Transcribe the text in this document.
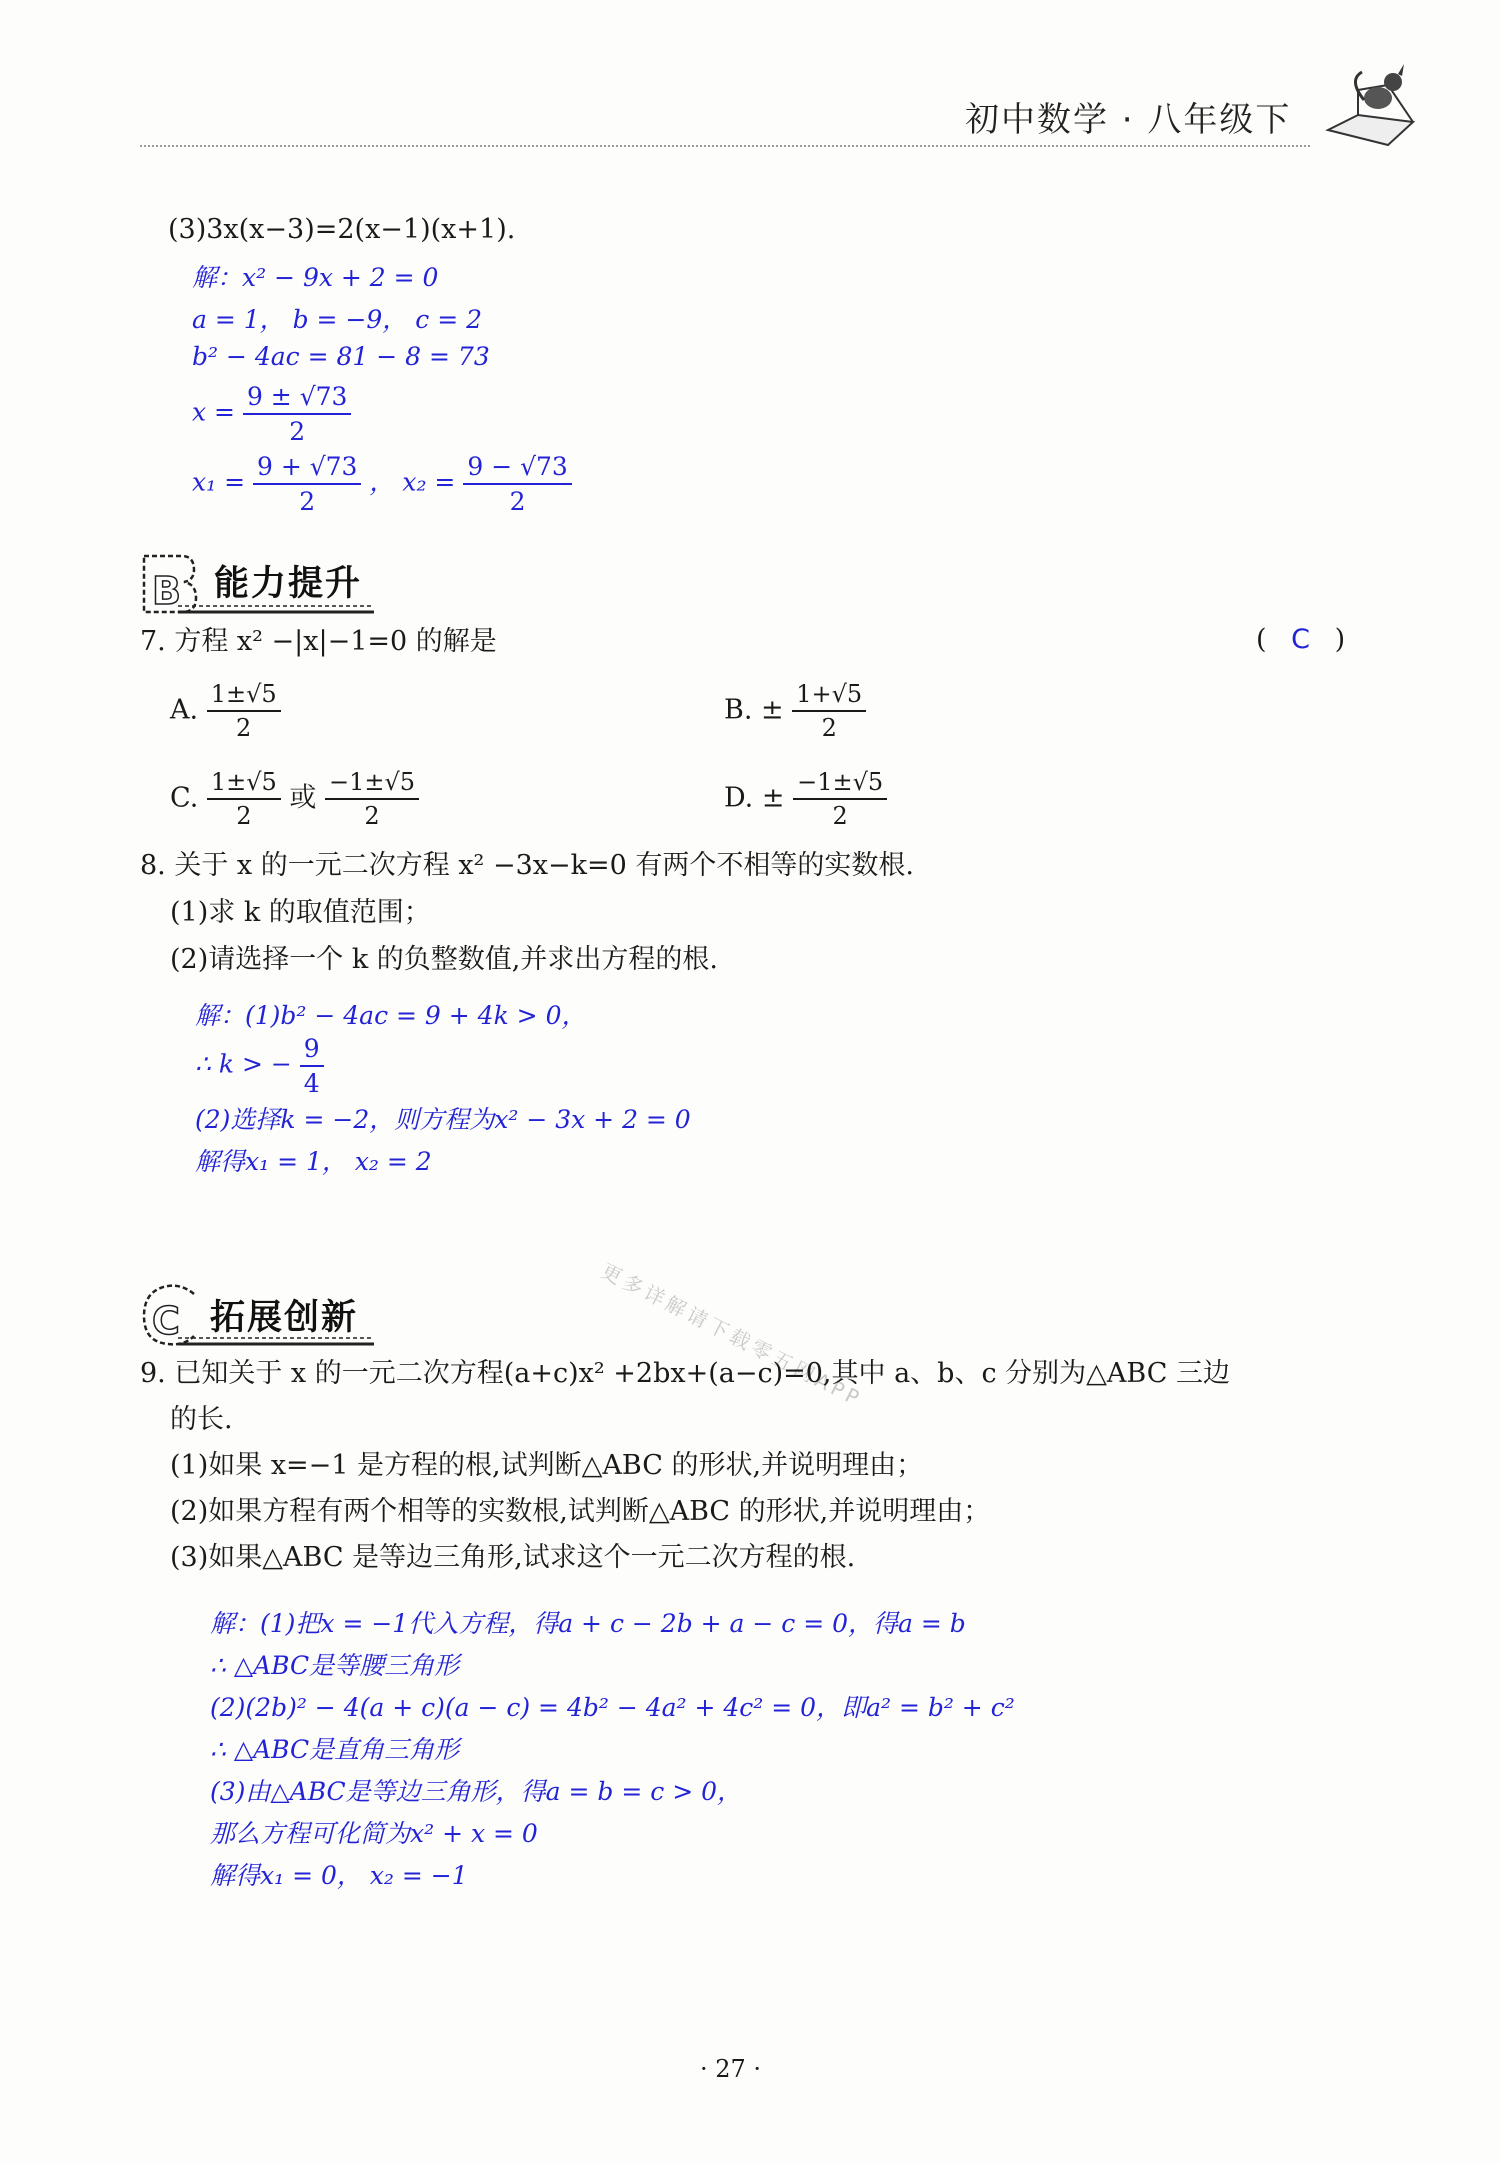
初中数学 · 八年级下
(3)3x(x−3)=2(x−1)(x+1).
解：x² − 9x + 2 = 0
a = 1， b = −9， c = 2
b² − 4ac = 81 − 8 = 73
$x = \frac{9 \pm √73}{2}$
$x_1 = \frac{9 + √73}{2}$ ， $x_2 = \frac{9 - √73}{2}$
B 能力提升
7. 方程 x² −|x|−1=0 的解是	( C )
A. $\frac{1\pm√5}{2}$	B. ± $\frac{1+√5}{2}$
C. $\frac{1\pm√5}{2}$ 或 $\frac{-1\pm√5}{2}$	D. ± $\frac{-1\pm√5}{2}$
8. 关于 x 的一元二次方程 x² −3x−k=0 有两个不相等的实数根.
(1)求 k 的取值范围；
(2)请选择一个 k 的负整数值,并求出方程的根.
解：(1)b² − 4ac = 9 + 4k > 0，
∴ k > − $\frac{9}{4}$
(2)选择k = −2，则方程为x² − 3x + 2 = 0
解得x₁ = 1， x₂ = 2
更多详解请下载零五网APP
C 拓展创新
9. 已知关于 x 的一元二次方程(a+c)x² +2bx+(a−c)=0,其中 a、b、c 分别为△ABC 三边
的长.
(1)如果 x=−1 是方程的根,试判断△ABC 的形状,并说明理由；
(2)如果方程有两个相等的实数根,试判断△ABC 的形状,并说明理由；
(3)如果△ABC 是等边三角形,试求这个一元二次方程的根.
解：(1)把x = −1代入方程，得a + c − 2b + a − c = 0，得a = b
∴ △ABC是等腰三角形
(2)(2b)² − 4(a + c)(a − c) = 4b² − 4a² + 4c² = 0，即a² = b² + c²
∴ △ABC是直角三角形
(3)由△ABC是等边三角形，得a = b = c > 0，
那么方程可化简为x² + x = 0
解得x₁ = 0， x₂ = −1
· 27 ·
